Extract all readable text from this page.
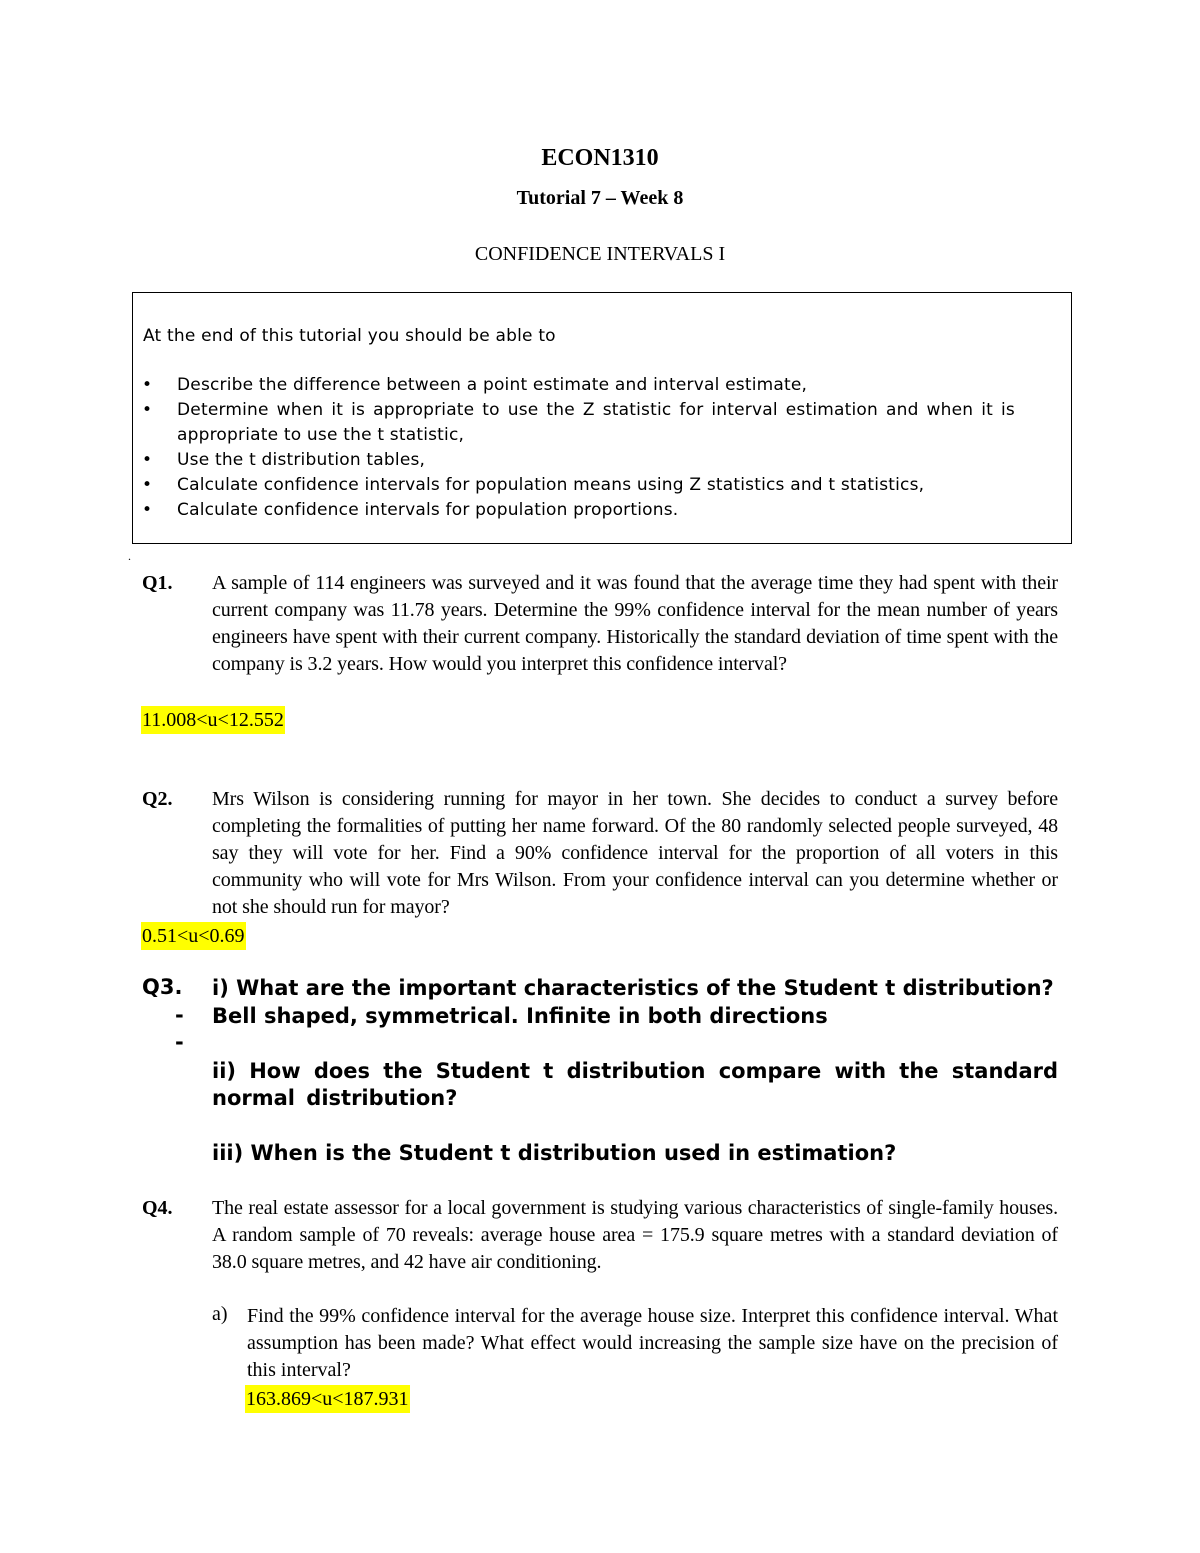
ECON1310
Tutorial 7 – Week 8
CONFIDENCE INTERVALS I
At the end of this tutorial you should be able to
• Describe the difference between a point estimate and interval estimate,
• Determine when it is appropriate to use the Z statistic for interval estimation and when it is appropriate to use the t statistic,
• Use the t distribution tables,
• Calculate confidence intervals for population means using Z statistics and t statistics,
• Calculate confidence intervals for population proportions.
.
Q1. A sample of 114 engineers was surveyed and it was found that the average time they had spent with their current company was 11.78 years. Determine the 99% confidence interval for the mean number of years engineers have spent with their current company. Historically the standard deviation of time spent with the company is 3.2 years. How would you interpret this confidence interval?
11.008<u<12.552
Q2. Mrs Wilson is considering running for mayor in her town. She decides to conduct a survey before completing the formalities of putting her name forward. Of the 80 randomly selected people surveyed, 48 say they will vote for her. Find a 90% confidence interval for the proportion of all voters in this community who will vote for Mrs Wilson. From your confidence interval can you determine whether or not she should run for mayor?
0.51<u<0.69
Q3. i) What are the important characteristics of the Student t distribution?
- Bell shaped, symmetrical. Infinite in both directions
-
ii) How does the Student t distribution compare with the standard normal distribution?
iii) When is the Student t distribution used in estimation?
Q4. The real estate assessor for a local government is studying various characteristics of single-family houses. A random sample of 70 reveals: average house area = 175.9 square metres with a standard deviation of 38.0 square metres, and 42 have air conditioning.
a) Find the 99% confidence interval for the average house size. Interpret this confidence interval. What assumption has been made? What effect would increasing the sample size have on the precision of this interval?
163.869<u<187.931
